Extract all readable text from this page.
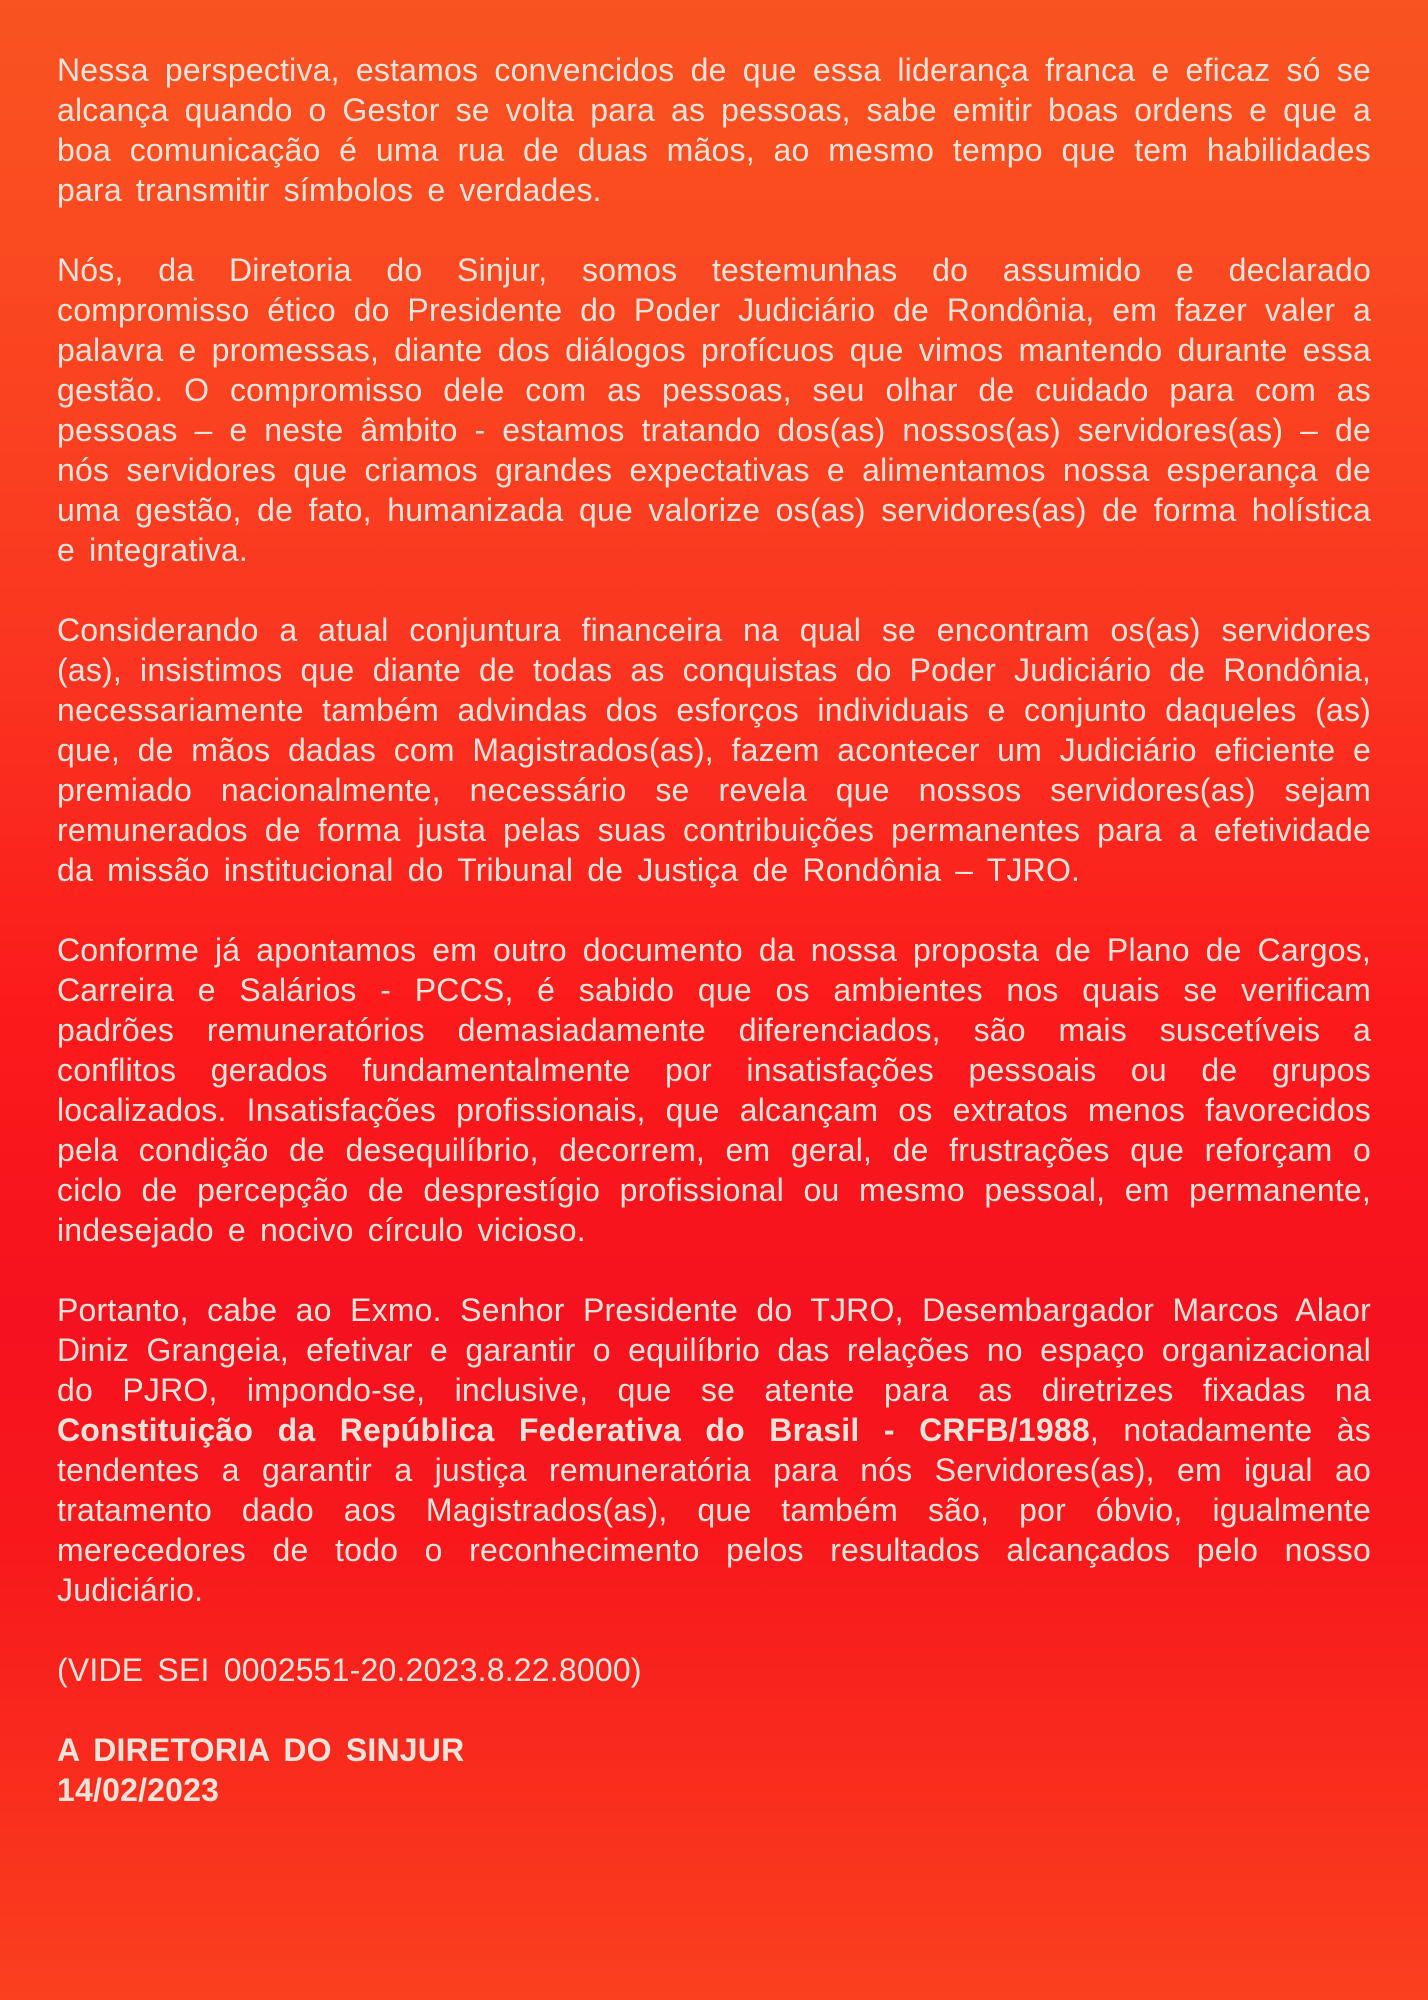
Nessa perspectiva, estamos convencidos de que essa liderança franca e eficaz só se alcança quando o Gestor se volta para as pessoas, sabe emitir boas ordens e que a boa comunicação é uma rua de duas mãos, ao mesmo tempo que tem habilidades para transmitir símbolos e verdades.

Nós, da Diretoria do Sinjur, somos testemunhas do assumido e declarado compromisso ético do Presidente do Poder Judiciário de Rondônia, em fazer valer a palavra e promessas, diante dos diálogos profícuos que vimos mantendo durante essa gestão. O compromisso dele com as pessoas, seu olhar de cuidado para com as pessoas – e neste âmbito - estamos tratando dos(as) nossos(as) servidores(as) – de nós servidores que criamos grandes expectativas e alimentamos nossa esperança de uma gestão, de fato, humanizada que valorize os(as) servidores(as) de forma holística e integrativa.

Considerando a atual conjuntura financeira na qual se encontram os(as) servidores (as), insistimos que diante de todas as conquistas do Poder Judiciário de Rondônia, necessariamente também advindas dos esforços individuais e conjunto daqueles (as) que, de mãos dadas com Magistrados(as), fazem acontecer um Judiciário eficiente e premiado nacionalmente, necessário se revela que nossos servidores(as) sejam remunerados de forma justa pelas suas contribuições permanentes para a efetividade da missão institucional do Tribunal de Justiça de Rondônia – TJRO.

Conforme já apontamos em outro documento da nossa proposta de Plano de Cargos, Carreira e Salários - PCCS, é sabido que os ambientes nos quais se verificam padrões remuneratórios demasiadamente diferenciados, são mais suscetíveis a conflitos gerados fundamentalmente por insatisfações pessoais ou de grupos localizados. Insatisfações profissionais, que alcançam os extratos menos favorecidos pela condição de desequilíbrio, decorrem, em geral, de frustrações que reforçam o ciclo de percepção de desprestígio profissional ou mesmo pessoal, em permanente, indesejado e nocivo círculo vicioso.

Portanto, cabe ao Exmo. Senhor Presidente do TJRO, Desembargador Marcos Alaor Diniz Grangeia, efetivar e garantir o equilíbrio das relações no espaço organizacional do PJRO, impondo-se, inclusive, que se atente para as diretrizes fixadas na Constituição da República Federativa do Brasil - CRFB/1988, notadamente às tendentes a garantir a justiça remuneratória para nós Servidores(as), em igual ao tratamento dado aos Magistrados(as), que também são, por óbvio, igualmente merecedores de todo o reconhecimento pelos resultados alcançados pelo nosso Judiciário.

(VIDE SEI 0002551-20.2023.8.22.8000)

A DIRETORIA DO SINJUR
14/02/2023
